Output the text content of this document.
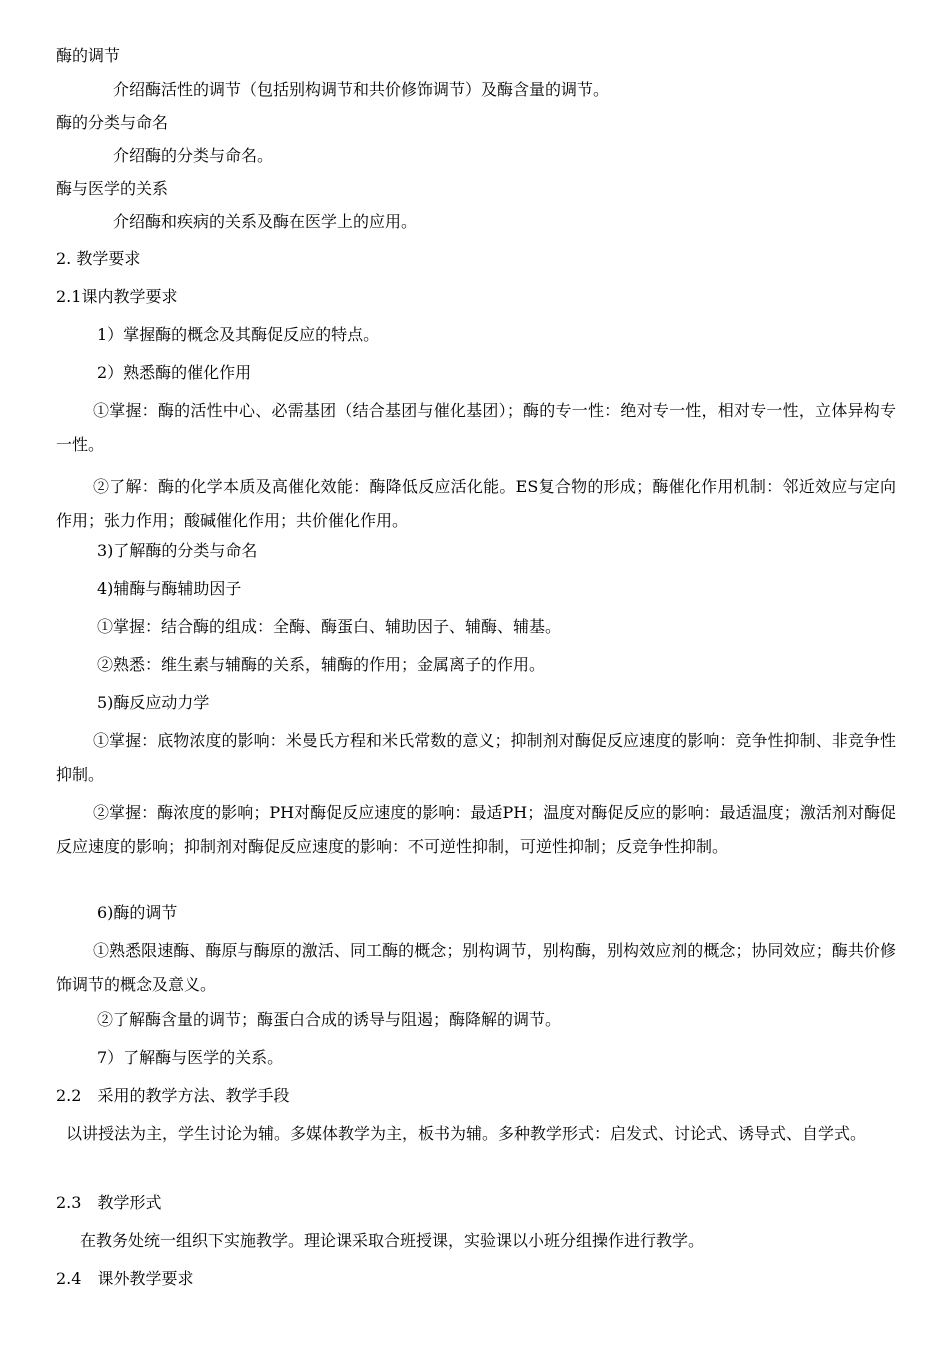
酶的调节
介绍酶活性的调节（包括别构调节和共价修饰调节）及酶含量的调节。
酶的分类与命名
介绍酶的分类与命名。
酶与医学的关系
介绍酶和疾病的关系及酶在医学上的应用。
2. 教学要求
2.1课内教学要求
1）掌握酶的概念及其酶促反应的特点。
2）熟悉酶的催化作用
①掌握：酶的活性中心、必需基团（结合基团与催化基团）；酶的专一性：绝对专一性，相对专一性，立体异构专一性。
②了解：酶的化学本质及高催化效能：酶降低反应活化能。ES复合物的形成；酶催化作用机制：邻近效应与定向作用；张力作用；酸碱催化作用；共价催化作用。
3)了解酶的分类与命名
4)辅酶与酶辅助因子
①掌握：结合酶的组成：全酶、酶蛋白、辅助因子、辅酶、辅基。
②熟悉：维生素与辅酶的关系，辅酶的作用；金属离子的作用。
5)酶反应动力学
①掌握：底物浓度的影响：米曼氏方程和米氏常数的意义；抑制剂对酶促反应速度的影响：竞争性抑制、非竞争性抑制。
②掌握：酶浓度的影响；PH对酶促反应速度的影响：最适PH；温度对酶促反应的影响：最适温度；激活剂对酶促反应速度的影响；抑制剂对酶促反应速度的影响：不可逆性抑制，可逆性抑制；反竞争性抑制。
6)酶的调节
①熟悉限速酶、酶原与酶原的激活、同工酶的概念；别构调节，别构酶，别构效应剂的概念；协同效应；酶共价修饰调节的概念及意义。
②了解酶含量的调节；酶蛋白合成的诱导与阻遏；酶降解的调节。
7）了解酶与医学的关系。
2.2　采用的教学方法、教学手段
以讲授法为主，学生讨论为辅。多媒体教学为主，板书为辅。多种教学形式：启发式、讨论式、诱导式、自学式。
2.3　教学形式
在教务处统一组织下实施教学。理论课采取合班授课，实验课以小班分组操作进行教学。
2.4　课外教学要求
